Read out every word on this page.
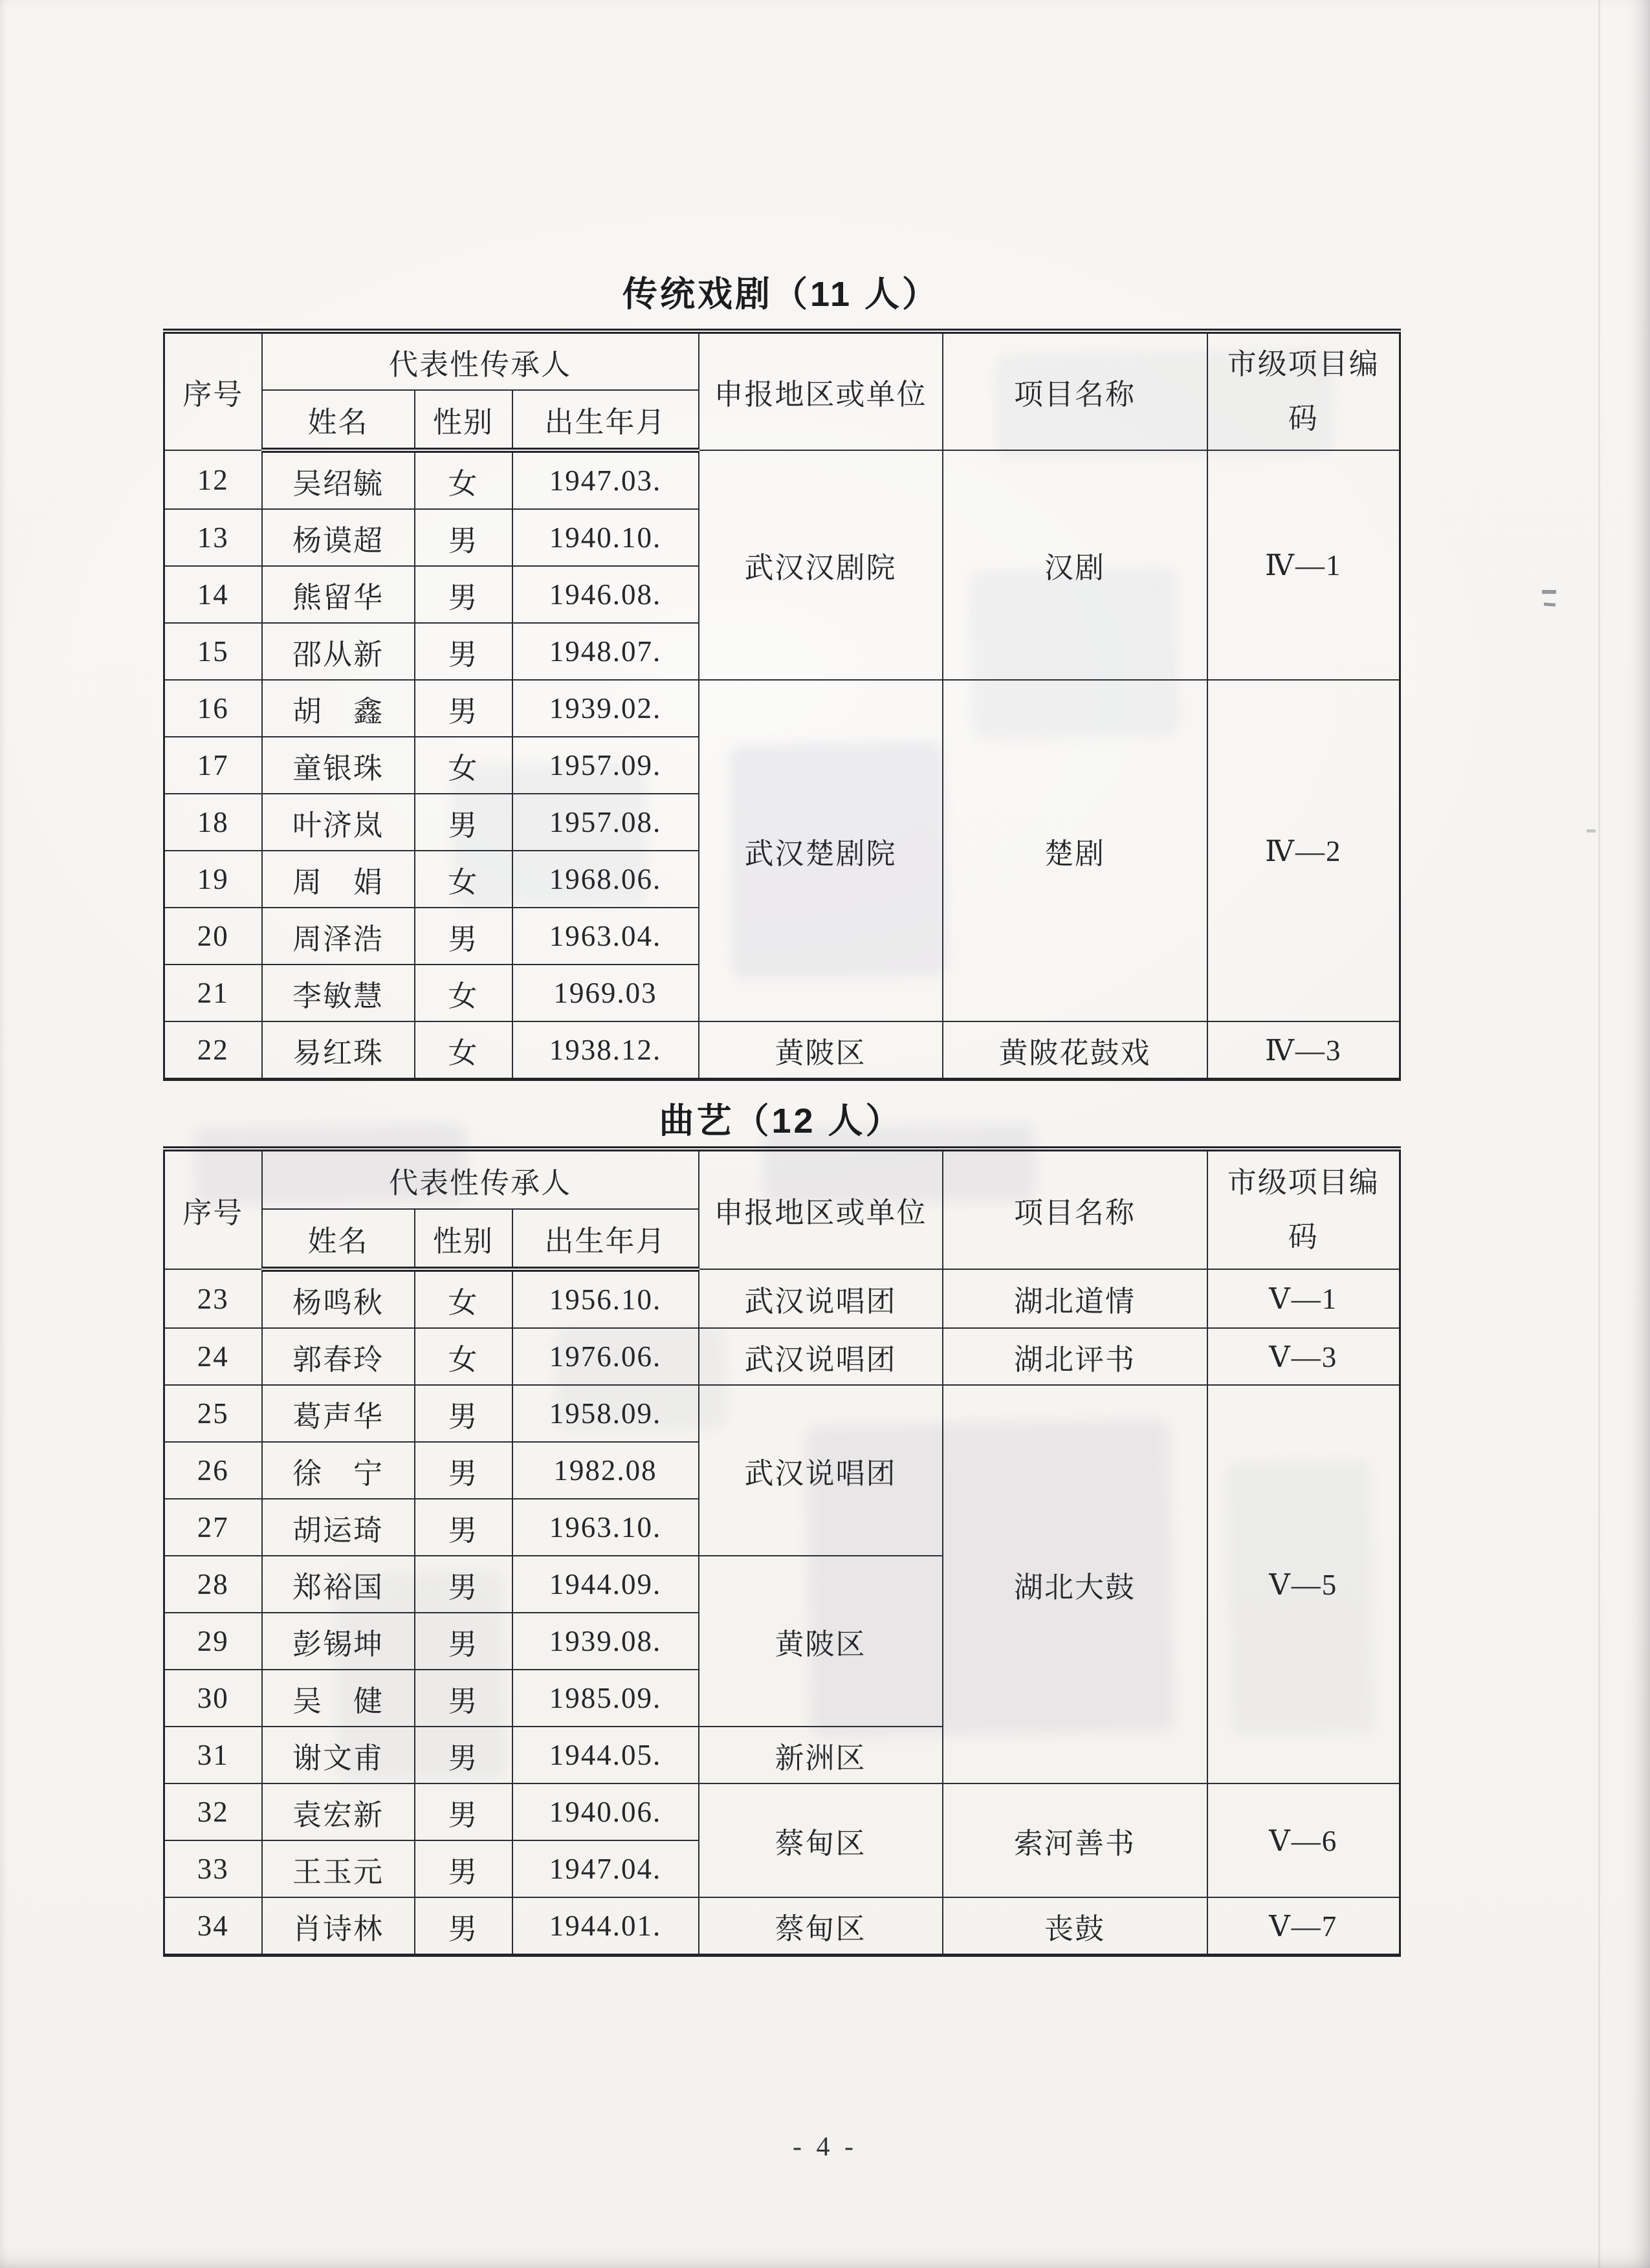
传统戏剧（11 人）
序号	代表性传承人			申报地区或单位	项目名称	市级项目编码
	姓名	性别	出生年月			
12	吴绍毓	女	1947.03.	武汉汉剧院	汉剧	Ⅳ—1
13	杨谟超	男	1940.10.			
14	熊留华	男	1946.08.			
15	邵从新	男	1948.07.			
16	胡　鑫	男	1939.02.	武汉楚剧院	楚剧	Ⅳ—2
17	童银珠	女	1957.09.			
18	叶济岚	男	1957.08.			
19	周　娟	女	1968.06.			
20	周泽浩	男	1963.04.			
21	李敏慧	女	1969.03			
22	易红珠	女	1938.12.	黄陂区	黄陂花鼓戏	Ⅳ—3
曲艺（12 人）
序号	代表性传承人			申报地区或单位	项目名称	市级项目编码
	姓名	性别	出生年月			
23	杨鸣秋	女	1956.10.	武汉说唱团	湖北道情	Ⅴ—1
24	郭春玲	女	1976.06.	武汉说唱团	湖北评书	Ⅴ—3
25	葛声华	男	1958.09.	武汉说唱团	湖北大鼓	Ⅴ—5
26	徐　宁	男	1982.08			
27	胡运琦	男	1963.10.			
28	郑裕国	男	1944.09.	黄陂区		
29	彭锡坤	男	1939.08.			
30	吴　健	男	1985.09.			
31	谢文甫	男	1944.05.	新洲区		
32	袁宏新	男	1940.06.	蔡甸区	索河善书	Ⅴ—6
33	王玉元	男	1947.04.			
34	肖诗林	男	1944.01.	蔡甸区	丧鼓	Ⅴ—7
- 4 -
